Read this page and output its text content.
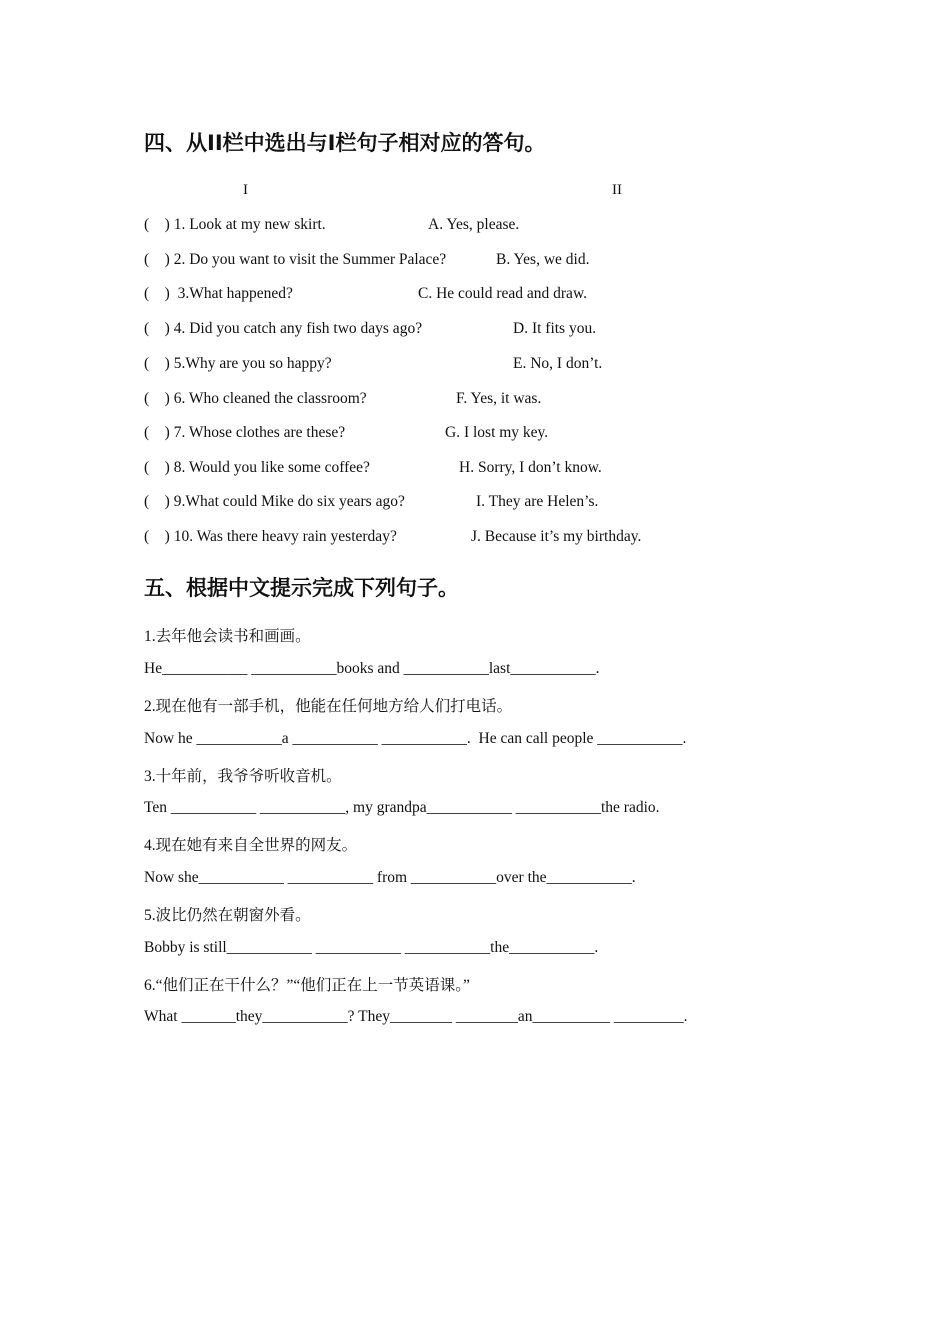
四、从II栏中选出与I栏句子相对应的答句。
I	II
(    ) 1. Look at my new skirt.	A. Yes, please.
(    ) 2. Do you want to visit the Summer Palace?	B. Yes, we did.
(    )  3.What happened?	C. He could read and draw.
(    ) 4. Did you catch any fish two days ago?	D. It fits you.
(    ) 5.Why are you so happy?	E. No, I don’t.
(    ) 6. Who cleaned the classroom?	F. Yes, it was.
(    ) 7. Whose clothes are these?	G. I lost my key.
(    ) 8. Would you like some coffee?	H. Sorry, I don’t know.
(    ) 9.What could Mike do six years ago?	I. They are Helen’s.
(    ) 10. Was there heavy rain yesterday?	J. Because it’s my birthday.
五、根据中文提示完成下列句子。
1.去年他会读书和画画。
He___________ ___________books and ___________last___________.
2.现在他有一部手机，他能在任何地方给人们打电话。
Now he ___________a ___________ ___________.  He can call people ___________.
3.十年前，我爷爷听收音机。
Ten ___________ ___________, my grandpa___________ ___________the radio.
4.现在她有来自全世界的网友。
Now she___________ ___________ from ___________over the___________.
5.波比仍然在朝窗外看。
Bobby is still___________ ___________ ___________the___________.
6.“他们正在干什么？”“他们正在上一节英语课。”
What _______they___________? They________ ________an__________ _________.
